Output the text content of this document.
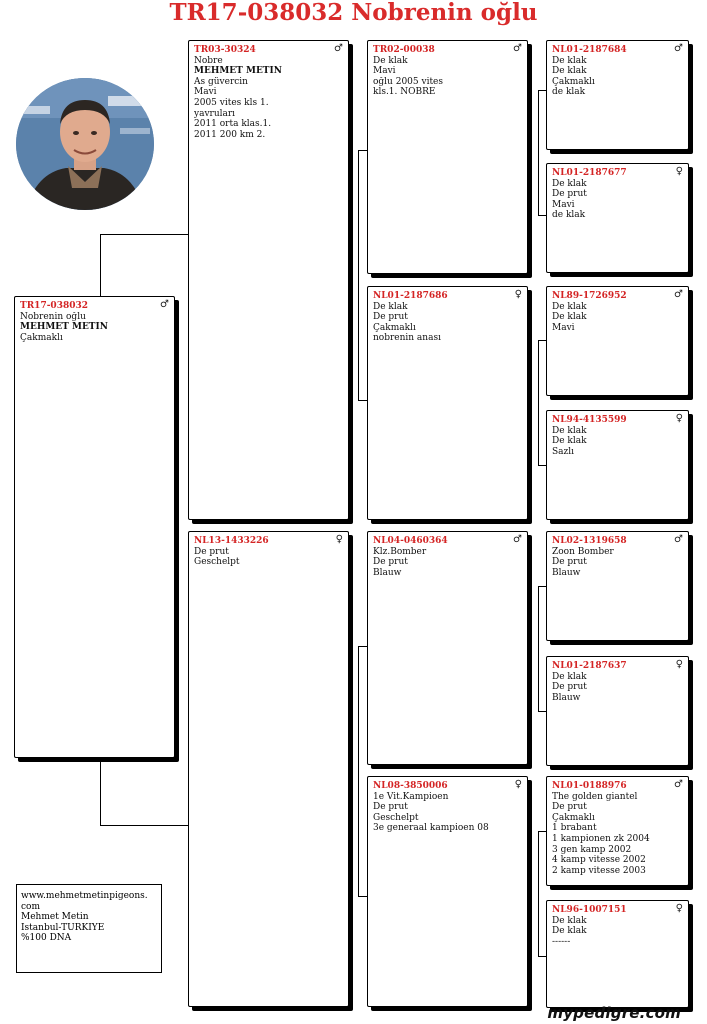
TR17-038032 Nobrenin oğlu
♂
TR17-038032
Nobrenin oğlu
MEHMET METİN
Çakmaklı
♂
TR03-30324
Nobre
MEHMET METİN
As güvercin
Mavi
2005 vites kls 1.
yavruları
2011 orta klas.1.
2011 200 km 2.
♀
NL13-1433226
De prut
Geschelpt
♂
TR02-00038
De klak
Mavi
oğlu 2005 vites
kls.1. NOBRE
♀
NL01-2187686
De klak
De prut
Çakmaklı
nobrenin anası
♂
NL04-0460364
Klz.Bomber
De prut
Blauw
♀
NL08-3850006
1e Vit.Kampioen
De prut
Geschelpt
3e generaal kampioen 08
♂
NL01-2187684
De klak
De klak
Çakmaklı
de klak
♀
NL01-2187677
De klak
De prut
Mavi
de klak
♂
NL89-1726952
De klak
De klak
Mavi
♀
NL94-4135599
De klak
De klak
Sazlı
♂
NL02-1319658
Zoon Bomber
De prut
Blauw
♀
NL01-2187637
De klak
De prut
Blauw
♂
NL01-0188976
The golden giantel
De prut
Çakmaklı
1 brabant
1 kampionen zk 2004
3 gen kamp 2002
4 kamp vitesse 2002
2 kamp vitesse 2003
♀
NL96-1007151
De klak
De klak
------
www.mehmetmetinpigeons.
com
Mehmet Metin
Istanbul-TÜRKİYE
%100 DNA
mypedigre.com
